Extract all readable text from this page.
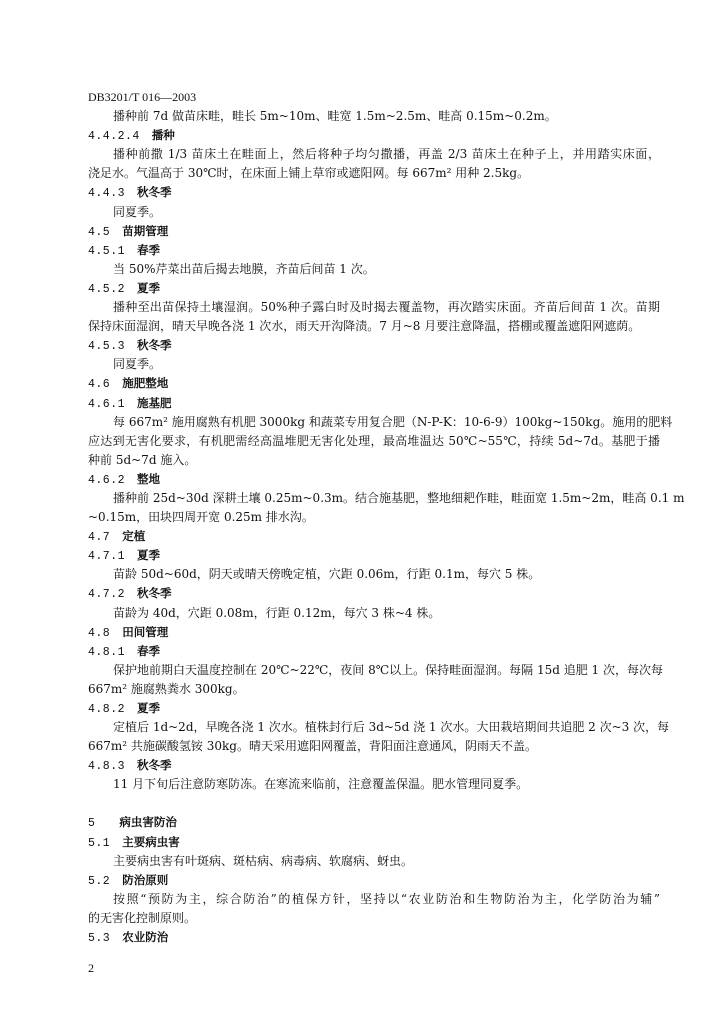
DB3201/T 016—2003
播种前 7d 做苗床畦，畦长 5m~10m、畦宽 1.5m~2.5m、畦高 0.15m~0.2m。
4.4.2.4 播种
播种前撒 1/3 苗床土在畦面上，然后将种子均匀撒播，再盖 2/3 苗床土在种子上，并用踏实床面，
浇足水。气温高于 30℃时，在床面上铺上草帘或遮阳网。每 667m² 用种 2.5kg。
4.4.3 秋冬季
同夏季。
4.5 苗期管理
4.5.1 春季
当 50%芹菜出苗后揭去地膜，齐苗后间苗 1 次。
4.5.2 夏季
播种至出苗保持土壤湿润。50%种子露白时及时揭去覆盖物，再次踏实床面。齐苗后间苗 1 次。苗期
保持床面湿润，晴天早晚各浇 1 次水，雨天开沟降渍。7 月~8 月要注意降温，搭棚或覆盖遮阳网遮荫。
4.5.3 秋冬季
同夏季。
4.6 施肥整地
4.6.1 施基肥
每 667m² 施用腐熟有机肥 3000kg 和蔬菜专用复合肥（N-P-K：10-6-9）100kg~150kg。施用的肥料
应达到无害化要求，有机肥需经高温堆肥无害化处理，最高堆温达 50℃~55℃，持续 5d~7d。基肥于播
种前 5d~7d 施入。
4.6.2 整地
播种前 25d~30d 深耕土壤 0.25m~0.3m。结合施基肥，整地细耙作畦，畦面宽 1.5m~2m，畦高 0.1 m
~0.15m，田块四周开宽 0.25m 排水沟。
4.7 定植
4.7.1 夏季
苗龄 50d~60d，阴天或晴天傍晚定植，穴距 0.06m，行距 0.1m，每穴 5 株。
4.7.2 秋冬季
苗龄为 40d，穴距 0.08m，行距 0.12m，每穴 3 株~4 株。
4.8 田间管理
4.8.1 春季
保护地前期白天温度控制在 20℃~22℃，夜间 8℃以上。保持畦面湿润。每隔 15d 追肥 1 次，每次每
667m² 施腐熟粪水 300kg。
4.8.2 夏季
定植后 1d~2d，早晚各浇 1 次水。植株封行后 3d~5d 浇 1 次水。大田栽培期间共追肥 2 次~3 次，每
667m² 共施碳酸氢铵 30kg。晴天采用遮阳网覆盖，背阳面注意通风，阴雨天不盖。
4.8.3 秋冬季
11 月下旬后注意防寒防冻。在寒流来临前，注意覆盖保温。肥水管理同夏季。
5 病虫害防治
5.1 主要病虫害
主要病虫害有叶斑病、斑枯病、病毒病、软腐病、蚜虫。
5.2 防治原则
按照“预防为主，综合防治”的植保方针，坚持以“农业防治和生物防治为主，化学防治为辅”
的无害化控制原则。
5.3 农业防治
2
